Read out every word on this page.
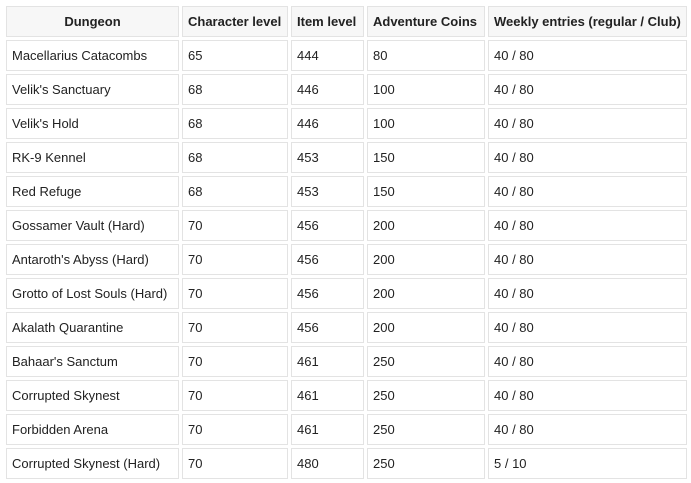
Dungeon	Character level	Item level	Adventure Coins	Weekly entries (regular / Club)
Macellarius Catacombs	65	444	80	40 / 80
Velik's Sanctuary	68	446	100	40 / 80
Velik's Hold	68	446	100	40 / 80
RK-9 Kennel	68	453	150	40 / 80
Red Refuge	68	453	150	40 / 80
Gossamer Vault (Hard)	70	456	200	40 / 80
Antaroth's Abyss (Hard)	70	456	200	40 / 80
Grotto of Lost Souls (Hard)	70	456	200	40 / 80
Akalath Quarantine	70	456	200	40 / 80
Bahaar's Sanctum	70	461	250	40 / 80
Corrupted Skynest	70	461	250	40 / 80
Forbidden Arena	70	461	250	40 / 80
Corrupted Skynest (Hard)	70	480	250	5 / 10
